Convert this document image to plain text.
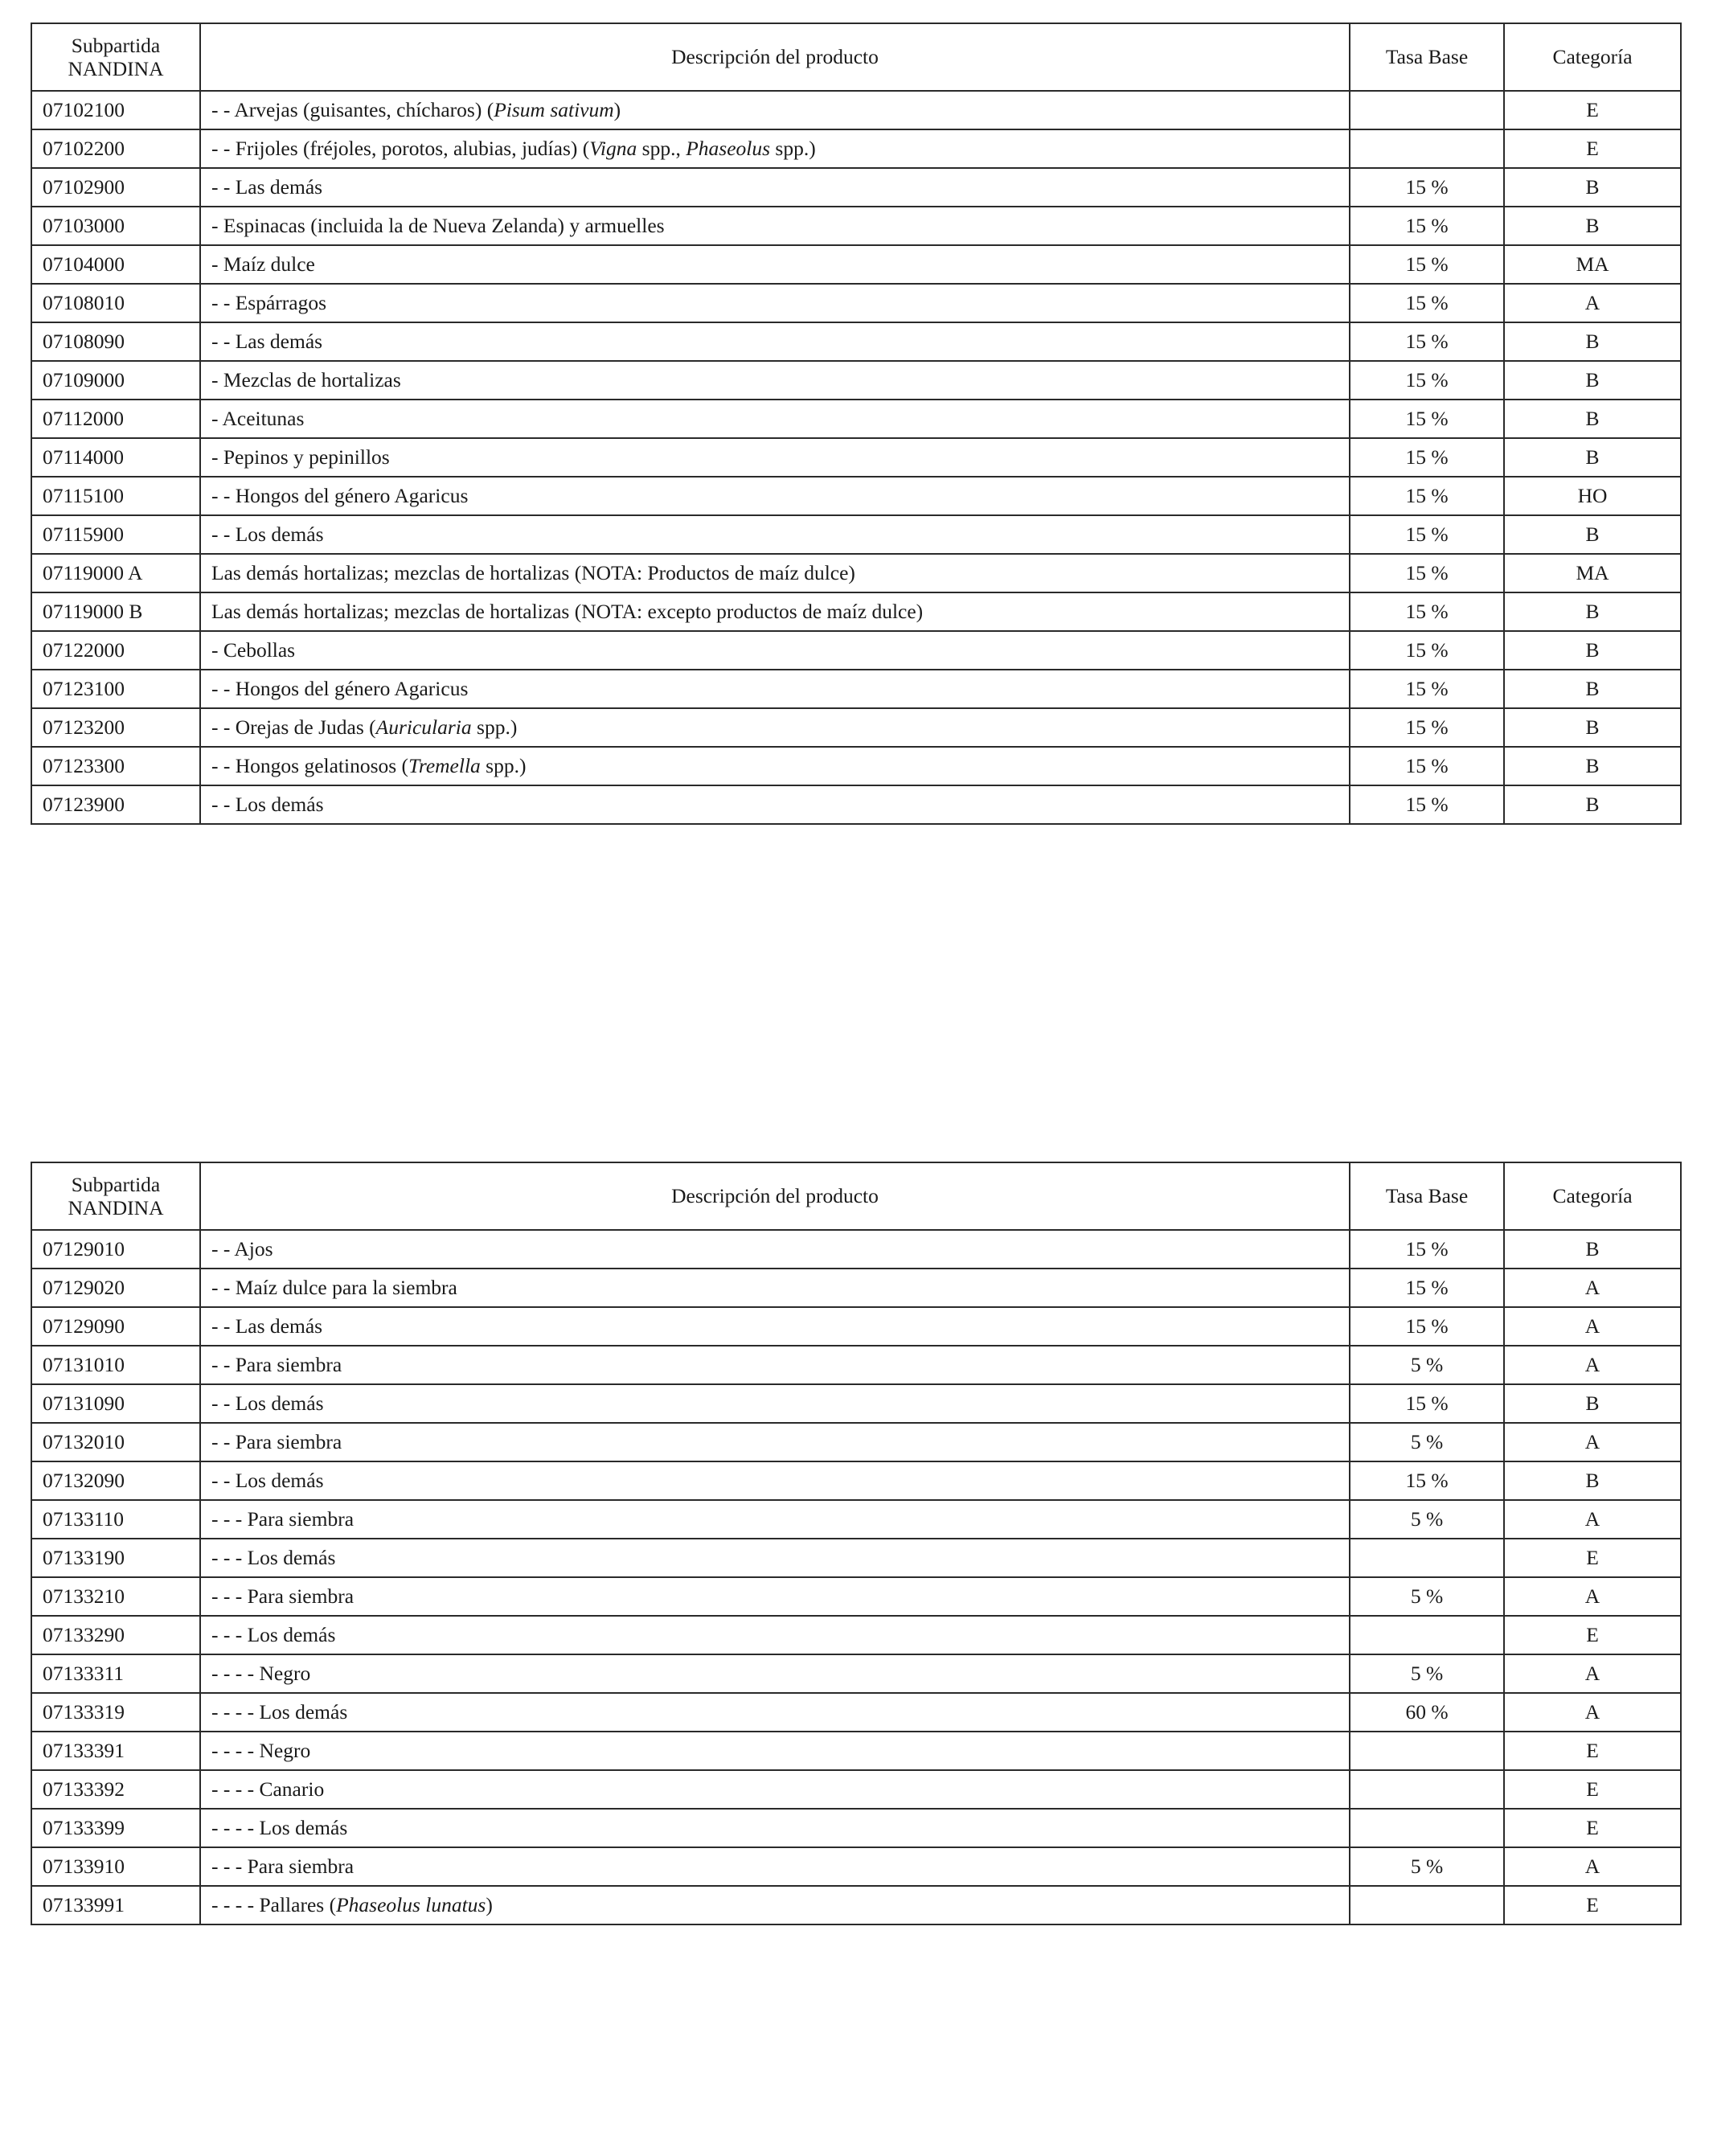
Subpartida
NANDINA	Descripción del producto	Tasa Base	Categoría
07102100	- - Arvejas (guisantes, chícharos) (Pisum sativum)		E
07102200	- - Frijoles (fréjoles, porotos, alubias, judías) (Vigna spp., Phaseolus spp.)		E
07102900	- - Las demás	15 %	B
07103000	- Espinacas (incluida la de Nueva Zelanda) y armuelles	15 %	B
07104000	- Maíz dulce	15 %	MA
07108010	- - Espárragos	15 %	A
07108090	- - Las demás	15 %	B
07109000	- Mezclas de hortalizas	15 %	B
07112000	- Aceitunas	15 %	B
07114000	- Pepinos y pepinillos	15 %	B
07115100	- - Hongos del género Agaricus	15 %	HO
07115900	- - Los demás	15 %	B
07119000 A	Las demás hortalizas; mezclas de hortalizas (NOTA: Productos de maíz dulce)	15 %	MA
07119000 B	Las demás hortalizas; mezclas de hortalizas (NOTA: excepto productos de maíz dulce)	15 %	B
07122000	- Cebollas	15 %	B
07123100	- - Hongos del género Agaricus	15 %	B
07123200	- - Orejas de Judas (Auricularia spp.)	15 %	B
07123300	- - Hongos gelatinosos (Tremella spp.)	15 %	B
07123900	- - Los demás	15 %	B
Subpartida
NANDINA	Descripción del producto	Tasa Base	Categoría
07129010	- - Ajos	15 %	B
07129020	- - Maíz dulce para la siembra	15 %	A
07129090	- - Las demás	15 %	A
07131010	- - Para siembra	5 %	A
07131090	- - Los demás	15 %	B
07132010	- - Para siembra	5 %	A
07132090	- - Los demás	15 %	B
07133110	- - - Para siembra	5 %	A
07133190	- - - Los demás		E
07133210	- - - Para siembra	5 %	A
07133290	- - - Los demás		E
07133311	- - - - Negro	5 %	A
07133319	- - - - Los demás	60 %	A
07133391	- - - - Negro		E
07133392	- - - - Canario		E
07133399	- - - - Los demás		E
07133910	- - - Para siembra	5 %	A
07133991	- - - - Pallares (Phaseolus lunatus)		E
